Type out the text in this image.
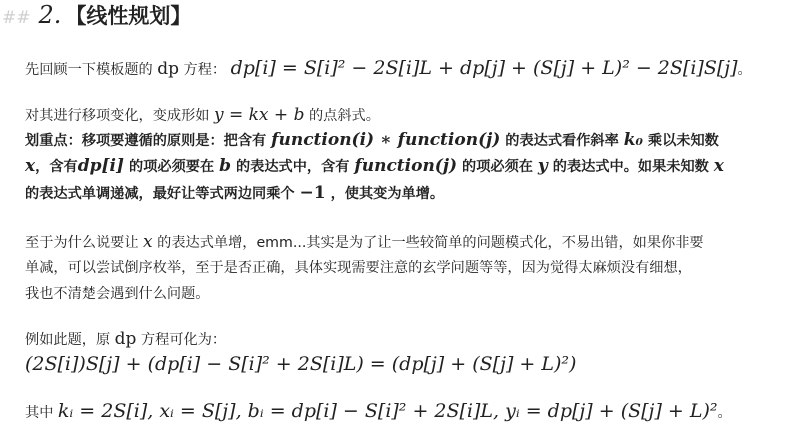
## 2. 【线性规划】
先回顾一下模板题的 dp 方程： dp[i] = S[i]² − 2S[i]L + dp[j] + (S[j] + L)² − 2S[i]S[j]。
对其进行移项变化，变成形如 y = kx + b 的点斜式。
划重点：移项要遵循的原则是：把含有 function(i) ∗ function(j) 的表达式看作斜率 k₀ 乘以未知数
x，含有dp[i] 的项必须要在 b 的表达式中，含有 function(j) 的项必须在 y 的表达式中。如果未知数 x
的表达式单调递减，最好让等式两边同乘个 −1 ，使其变为单增。
至于为什么说要让 x 的表达式单增，emm...其实是为了让一些较简单的问题模式化，不易出错，如果你非要
单减，可以尝试倒序枚举，至于是否正确，具体实现需要注意的玄学问题等等，因为觉得太麻烦没有细想，
我也不清楚会遇到什么问题。
例如此题，原 dp 方程可化为：
(2S[i])S[j] + (dp[i] − S[i]² + 2S[i]L) = (dp[j] + (S[j] + L)²)
其中 kᵢ = 2S[i], xᵢ = S[j], bᵢ = dp[i] − S[i]² + 2S[i]L, yᵢ = dp[j] + (S[j] + L)²。
